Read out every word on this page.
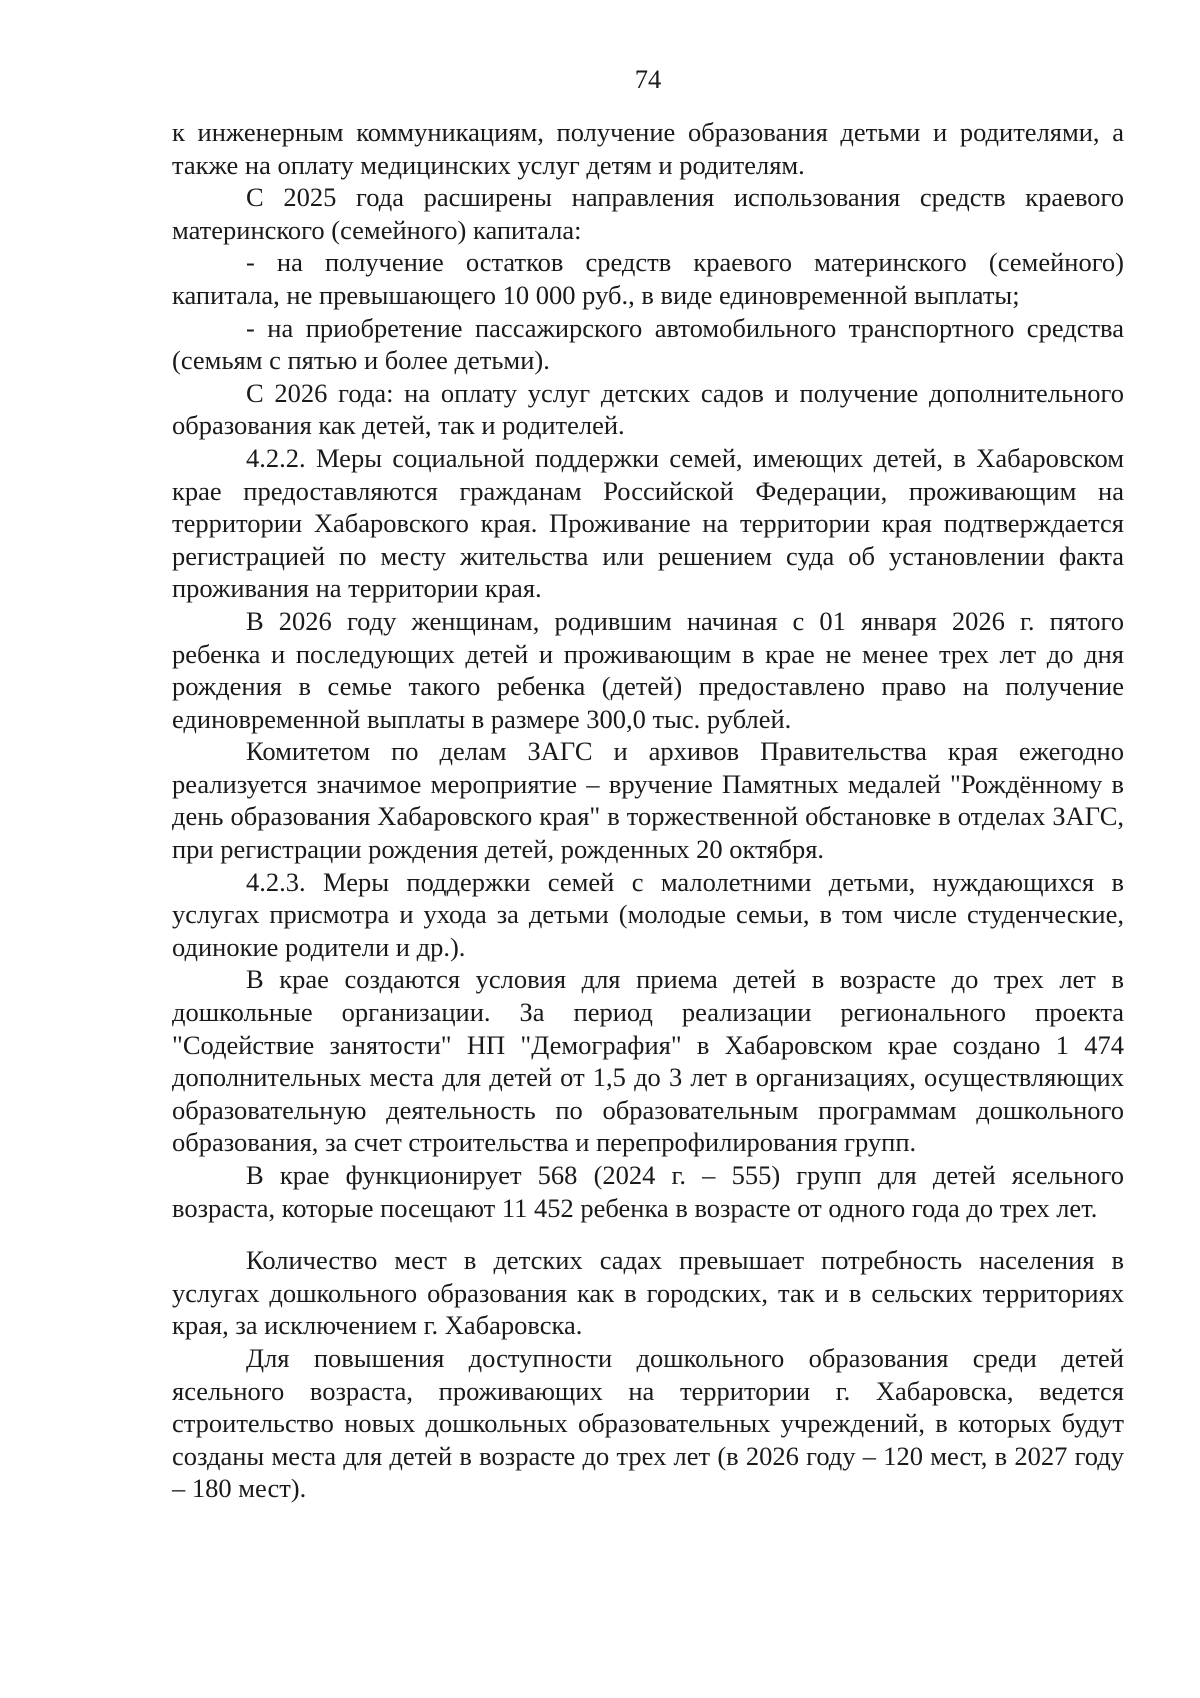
74

к инженерным коммуникациям, получение образования детьми и родителями, а также на оплату медицинских услуг детям и родителям.

С 2025 года расширены направления использования средств краевого материнского (семейного) капитала:

- на получение остатков средств краевого материнского (семейного) капитала, не превышающего 10 000 руб., в виде единовременной выплаты;

- на приобретение пассажирского автомобильного транспортного средства (семьям с пятью и более детьми).

С 2026 года: на оплату услуг детских садов и получение дополнительного образования как детей, так и родителей.

4.2.2. Меры социальной поддержки семей, имеющих детей, в Хабаровском крае предоставляются гражданам Российской Федерации, проживающим на территории Хабаровского края. Проживание на территории края подтверждается регистрацией по месту жительства или решением суда об установлении факта проживания на территории края.

В 2026 году женщинам, родившим начиная с 01 января 2026 г. пятого ребенка и последующих детей и проживающим в крае не менее трех лет до дня рождения в семье такого ребенка (детей) предоставлено право на получение единовременной выплаты в размере 300,0 тыс. рублей.

Комитетом по делам ЗАГС и архивов Правительства края ежегодно реализуется значимое мероприятие – вручение Памятных медалей "Рождённому в день образования Хабаровского края" в торжественной обстановке в отделах ЗАГС, при регистрации рождения детей, рожденных 20 октября.

4.2.3. Меры поддержки семей с малолетними детьми, нуждающихся в услугах присмотра и ухода за детьми (молодые семьи, в том числе студенческие, одинокие родители и др.).

В крае создаются условия для приема детей в возрасте до трех лет в дошкольные организации. За период реализации регионального проекта "Содействие занятости" НП "Демография" в Хабаровском крае создано 1 474 дополнительных места для детей от 1,5 до 3 лет в организациях, осуществляющих образовательную деятельность по образовательным программам дошкольного образования, за счет строительства и перепрофилирования групп.

В крае функционирует 568 (2024 г. – 555) групп для детей ясельного возраста, которые посещают 11 452 ребенка в возрасте от одного года до трех лет.

Количество мест в детских садах превышает потребность населения в услугах дошкольного образования как в городских, так и в сельских территориях края, за исключением г. Хабаровска.

Для повышения доступности дошкольного образования среди детей ясельного возраста, проживающих на территории г. Хабаровска, ведется строительство новых дошкольных образовательных учреждений, в которых будут созданы места для детей в возрасте до трех лет (в 2026 году – 120 мест, в 2027 году – 180 мест).
